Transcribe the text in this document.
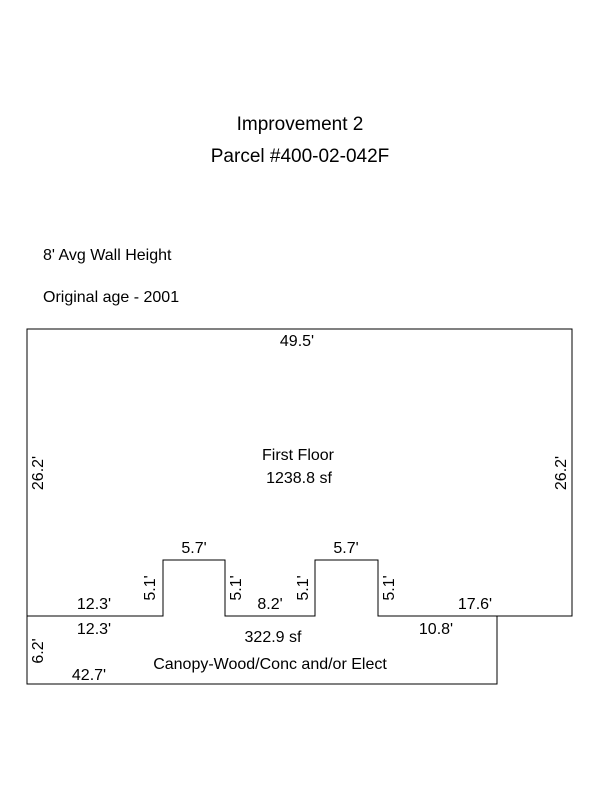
Improvement 2
Parcel #400-02-042F
8' Avg Wall Height
Original age - 2001
First Floor
1238.8 sf
49.5'
26.2'	26.2'
12.3'
5.1'
5.7'
5.1'
8.2'
5.1'
5.7'
5.1'
17.6'
322.9 sf
Canopy-Wood/Conc and/or Elect
12.3'	10.8'
6.2'
42.7'
